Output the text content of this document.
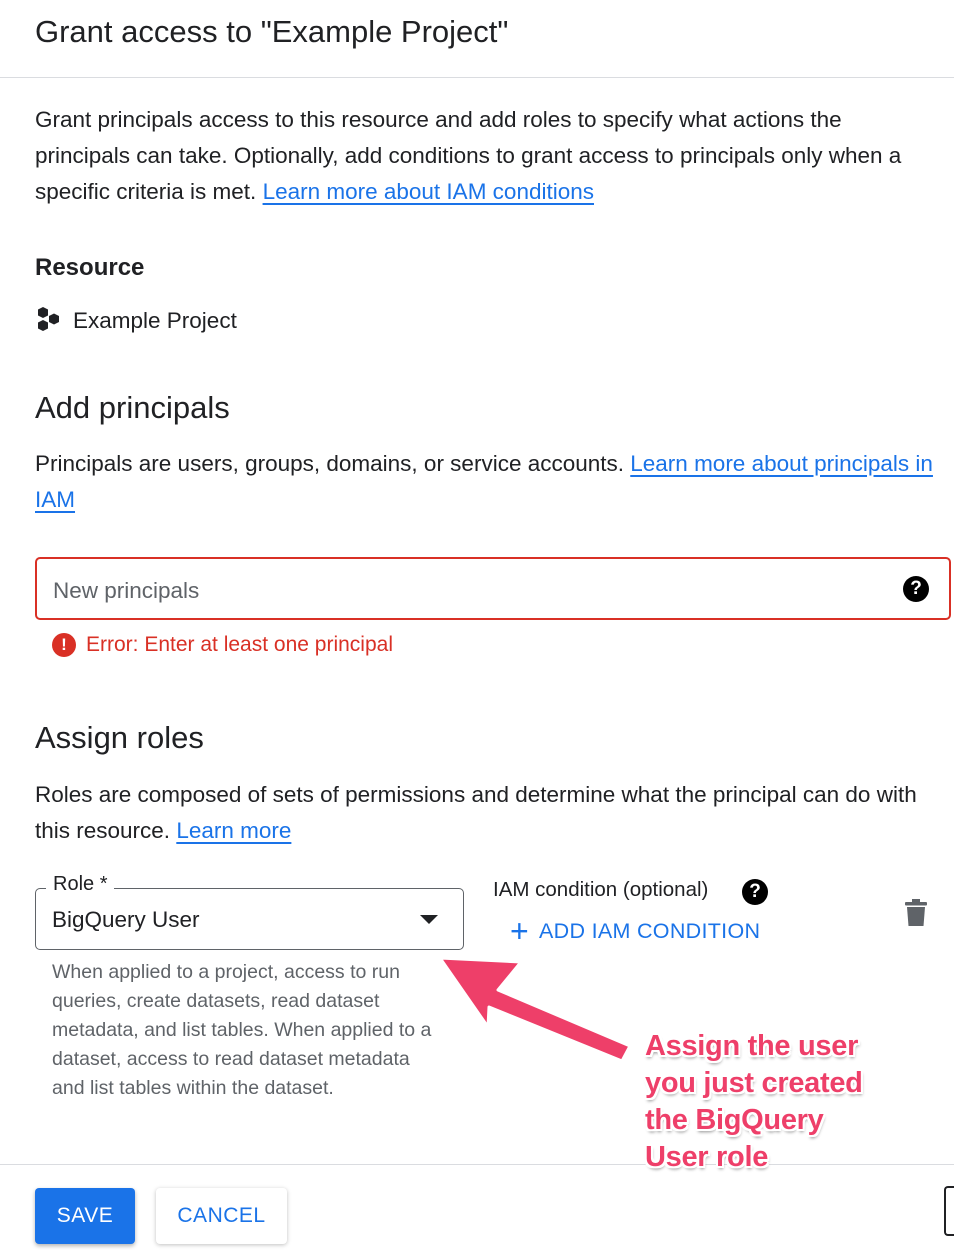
Grant access to "Example Project"

Grant principals access to this resource and add roles to specify what actions the principals can take. Optionally, add conditions to grant access to principals only when a specific criteria is met. Learn more about IAM conditions

Resource
Example Project
Add principals

Principals are users, groups, domains, or service accounts. Learn more about principals in IAM

New principals	?
! Error: Enter at least one principal
Assign roles

Roles are composed of sets of permissions and determine what the principal can do with this resource. Learn more

Role *
BigQuery User

When applied to a project, access to run queries, create datasets, read dataset metadata, and list tables. When applied to a dataset, access to read dataset metadata and list tables within the dataset.

IAM condition (optional)	?
+ ADD IAM CONDITION
SAVE	CANCEL
Assign the user
you just created
the BigQuery
User role
